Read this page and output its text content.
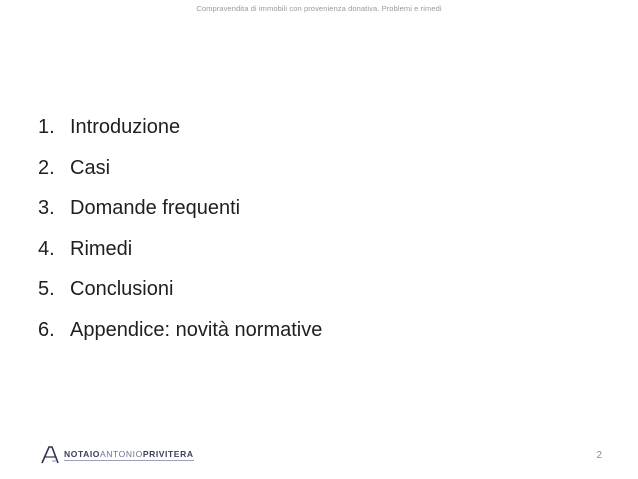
Compravendita di immobili con provenienza donativa. Problemi e rimedi
1. Introduzione
2. Casi
3. Domande frequenti
4. Rimedi
5. Conclusioni
6. Appendice: novità normative
NOTAIOANTONIOPRIVITERA	2
